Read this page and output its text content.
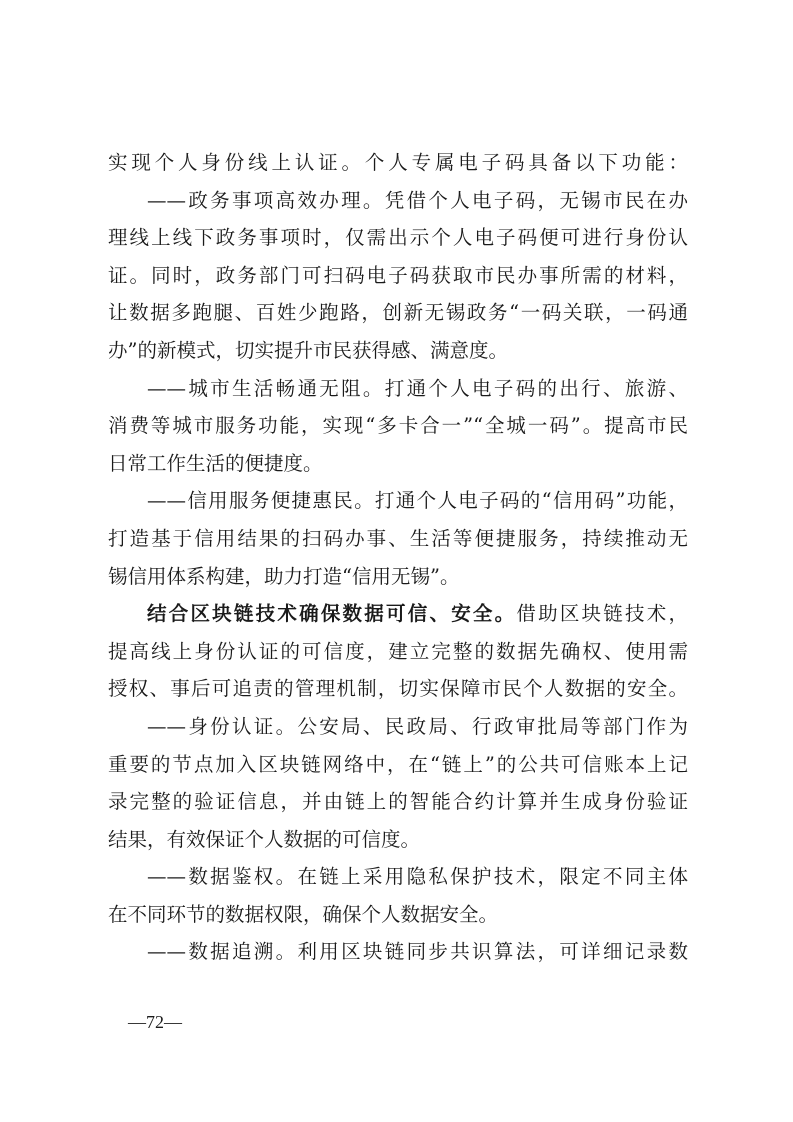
实现个人身份线上认证。个人专属电子码具备以下功能：
——政务事项高效办理。凭借个人电子码，无锡市民在办
理线上线下政务事项时，仅需出示个人电子码便可进行身份认
证。同时，政务部门可扫码电子码获取市民办事所需的材料，
让数据多跑腿、百姓少跑路，创新无锡政务“一码关联，一码通
办”的新模式，切实提升市民获得感、满意度。
——城市生活畅通无阻。打通个人电子码的出行、旅游、
消费等城市服务功能，实现“多卡合一”“全城一码”。提高市民
日常工作生活的便捷度。
——信用服务便捷惠民。打通个人电子码的“信用码”功能，
打造基于信用结果的扫码办事、生活等便捷服务，持续推动无
锡信用体系构建，助力打造“信用无锡”。
结合区块链技术确保数据可信、安全。借助区块链技术，
提高线上身份认证的可信度，建立完整的数据先确权、使用需
授权、事后可追责的管理机制，切实保障市民个人数据的安全。
——身份认证。公安局、民政局、行政审批局等部门作为
重要的节点加入区块链网络中，在“链上”的公共可信账本上记
录完整的验证信息，并由链上的智能合约计算并生成身份验证
结果，有效保证个人数据的可信度。
——数据鉴权。在链上采用隐私保护技术，限定不同主体
在不同环节的数据权限，确保个人数据安全。
——数据追溯。利用区块链同步共识算法，可详细记录数
—72—
